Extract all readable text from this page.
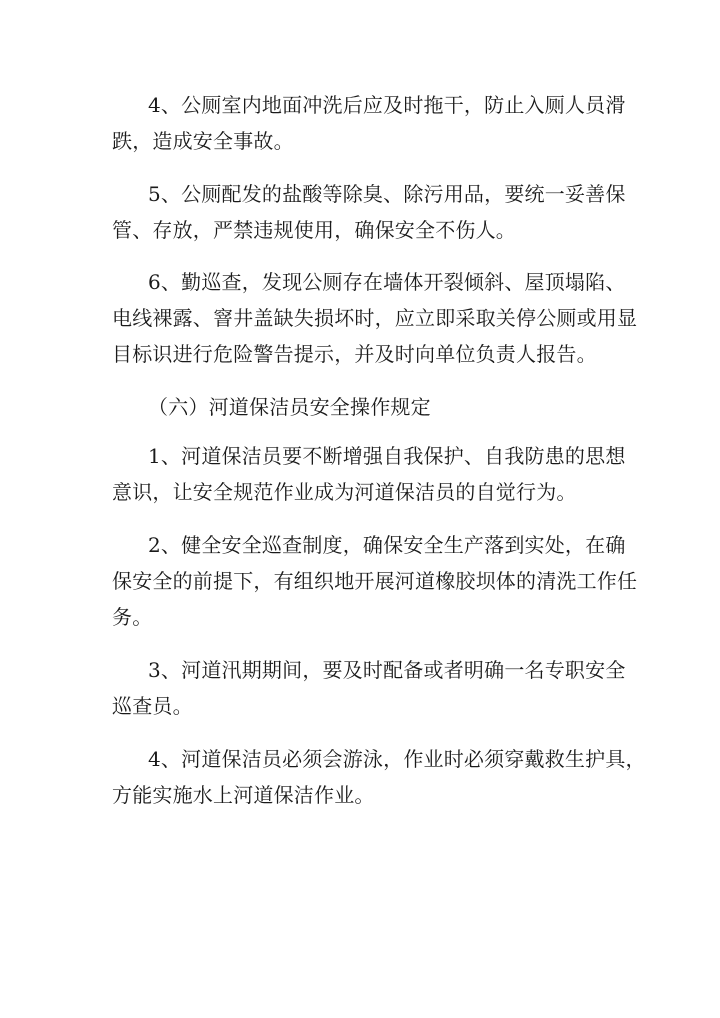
4、公厕室内地面冲洗后应及时拖干，防止入厕人员滑
跌，造成安全事故。
5、公厕配发的盐酸等除臭、除污用品，要统一妥善保
管、存放，严禁违规使用，确保安全不伤人。
6、勤巡查，发现公厕存在墙体开裂倾斜、屋顶塌陷、
电线裸露、窨井盖缺失损坏时，应立即采取关停公厕或用显
目标识进行危险警告提示，并及时向单位负责人报告。
（六）河道保洁员安全操作规定
1、河道保洁员要不断增强自我保护、自我防患的思想
意识，让安全规范作业成为河道保洁员的自觉行为。
2、健全安全巡查制度，确保安全生产落到实处，在确
保安全的前提下，有组织地开展河道橡胶坝体的清洗工作任
务。
3、河道汛期期间，要及时配备或者明确一名专职安全
巡查员。
4、河道保洁员必须会游泳，作业时必须穿戴救生护具，
方能实施水上河道保洁作业。
